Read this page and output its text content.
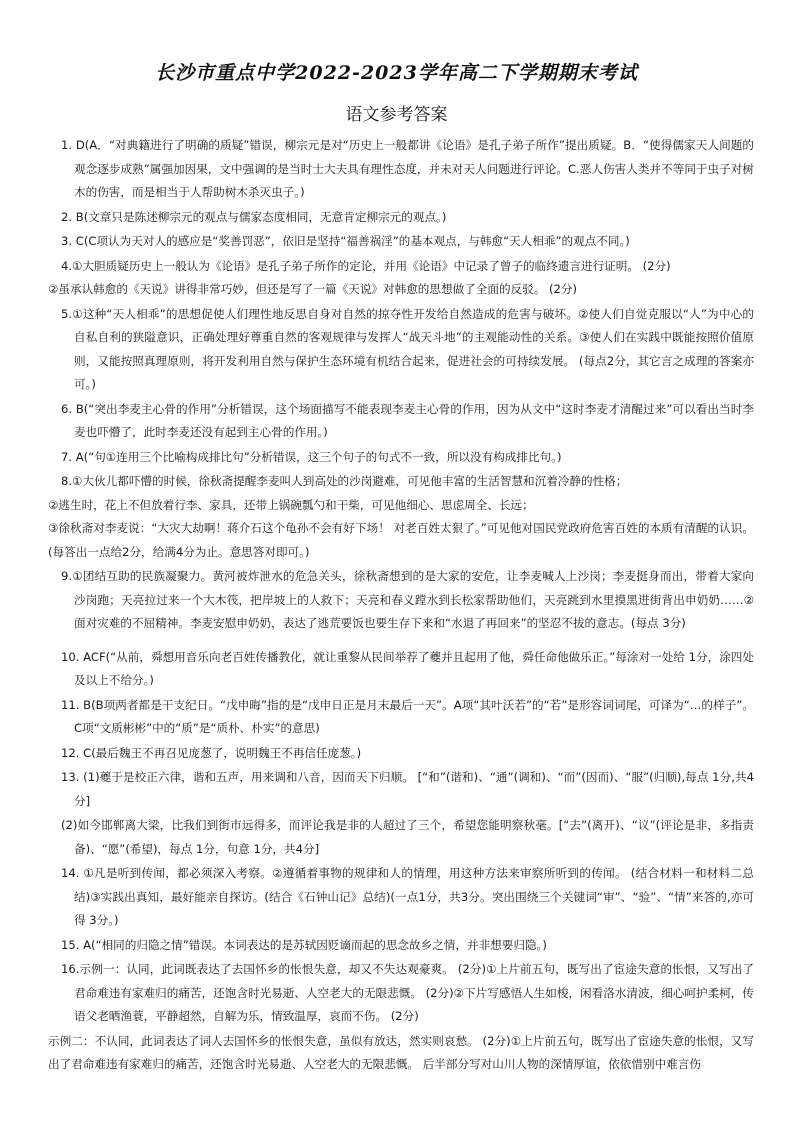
长沙市重点中学2022-2023学年高二下学期期末考试
语文参考答案

1. D(A．“对典籍进行了明确的质疑”错误，柳宗元是对“历史上一般都讲《论语》是孔子弟子所作”提出质疑。B．“使得儒家天人间题的观念逐步成熟”属强加因果，文中强调的是当时士大夫具有理性态度，并未对天人问题进行评论。C.恶人伤害人类并不等同于虫子对树木的伤害，而是相当于人帮助树木杀灭虫子。)

2. B(文章只是陈述柳宗元的观点与儒家态度相同，无意肯定柳宗元的观点。)

3. C(C项认为天对人的感应是“奖善罚恶”，依旧是坚持“福善祸淫”的基本观点，与韩愈“天人相乖”的观点不同。)

4.①大胆质疑历史上一般认为《论语》是孔子弟子所作的定论，并用《论语》中记录了曾子的临终遗言进行证明。 (2分)

②虽承认韩愈的《天说》讲得非常巧妙，但还是写了一篇《天说》对韩愈的思想做了全面的反驳。 (2分)

5.①这种“天人相乖”的思想促使人们理性地反思自身对自然的掠夺性开发给自然造成的危害与破坏。②使人们自觉克服以“人”为中心的自私自利的狭隘意识，正确处理好尊重自然的客观规律与发挥人“战天斗地”的主观能动性的关系。③使人们在实践中既能按照价值原则，又能按照真理原则，将开发利用自然与保护生态环境有机结合起来，促进社会的可持续发展。 (每点2分，其它言之成理的答案亦可。)

6. B(“突出李麦主心骨的作用”分析错误，这个场面描写不能表现李麦主心骨的作用，因为从文中“这时李麦才清醒过来”可以看出当时李麦也吓懵了，此时李麦还没有起到主心骨的作用。)

7. A(“句①连用三个比喻构成排比句”分析错误，这三个句子的句式不一致，所以没有构成排比句。)

8.①大伙儿都吓懵的时候，徐秋斋提醒李麦叫人到高处的沙岗避难，可见他丰富的生活智慧和沉着冷静的性格；

②逃生时，花上不但放着行李、家具，还带上锅碗瓢勺和干柴，可见他细心、思虑周全、长远；

③徐秋斋对李麦说：“大灾大劫啊！蒋介石这个龟孙不会有好下场！ 对老百姓太狠了。”可见他对国民党政府危害百姓的本质有清醒的认识。 (每答出一点给2分，给满4分为止。意思答对即可。)

9.①团结互助的民族凝聚力。黄河被炸泄水的危急关头，徐秋斋想到的是大家的安危，让李麦喊人上沙岗；李麦挺身而出，带着大家向沙岗跑；天亮拉过来一个大木筏，把岸坡上的人救下；天亮和春义蹚水到长松家帮助他们，天亮跳到水里摸黑进街背出申奶奶……②面对灾难的不屈精神。李麦安慰申奶奶，表达了逃荒要饭也要生存下来和“水退了再回来”的坚忍不拔的意志。(每点 3分)

10. ACF(“从前，舜想用音乐向老百姓传播教化，就让重黎从民间举荐了夔并且起用了他，舜任命他做乐正。”每涂对一处给 1分，涂四处及以上不给分。)

11. B(B项两者都是干支纪日。“戊申晦”指的是“戊申日正是月末最后一天”。A项“其叶沃若”的“若”是形容词词尾，可译为“…的样子”。C项“文质彬彬”中的“质”是“质朴、朴实”的意思)

12. C(最后魏王不再召见庞葱了，说明魏王不再信任庞葱。)

13. (1)夔于是校正六律，谐和五声，用来调和八音，因而天下归顺。 [“和”(谐和)、“通”(调和)、“而”(因而)、“服”(归顺),每点 1分,共4分]

(2)如今邯郸离大梁，比我们到街市远得多，而评论我是非的人超过了三个，希望您能明察秋毫。[“去”(离开)、“议”(评论是非，多指责备)、“愿”(希望)，每点 1分，句意 1分，共4分]

14. ①凡是听到传闻，都必须深入考察。②遵循着事物的规律和人的情理，用这种方法来审察所听到的传闻。 (结合材料一和材料二总结)③实践出真知，最好能亲自探访。(结合《石钟山记》总结)(一点1分，共3分。突出围绕三个关键词“审”、“验”、“情”来答的,亦可得 3分。)

15. A(“相同的归隐之情”错误。本词表达的是苏轼因贬谪而起的思念故乡之情，并非想要归隐。)

16.示例一：认同，此词既表达了去国怀乡的怅恨失意，却又不失达观豪爽。 (2分)①上片前五句，既写出了宦途失意的怅恨，又写出了君命难违有家难归的痛苦，还饱含时光易逝、人空老大的无限悲慨。 (2分)②下片写感悟人生如梭，闲看洛水清波，细心呵护柔柯，传语父老晒渔蓑，平静超然，自解为乐，情致温厚，哀而不伤。 (2分)

示例二：不认同，此词表达了词人去国怀乡的怅恨失意，虽似有放达，然实则哀愁。 (2分)①上片前五句，既写出了宦途失意的怅恨，又写出了君命难违有家难归的痛苦，还饱含时光易逝、人空老大的无限悲慨。 后半部分写对山川人物的深情厚谊，依依惜别中难言伤
